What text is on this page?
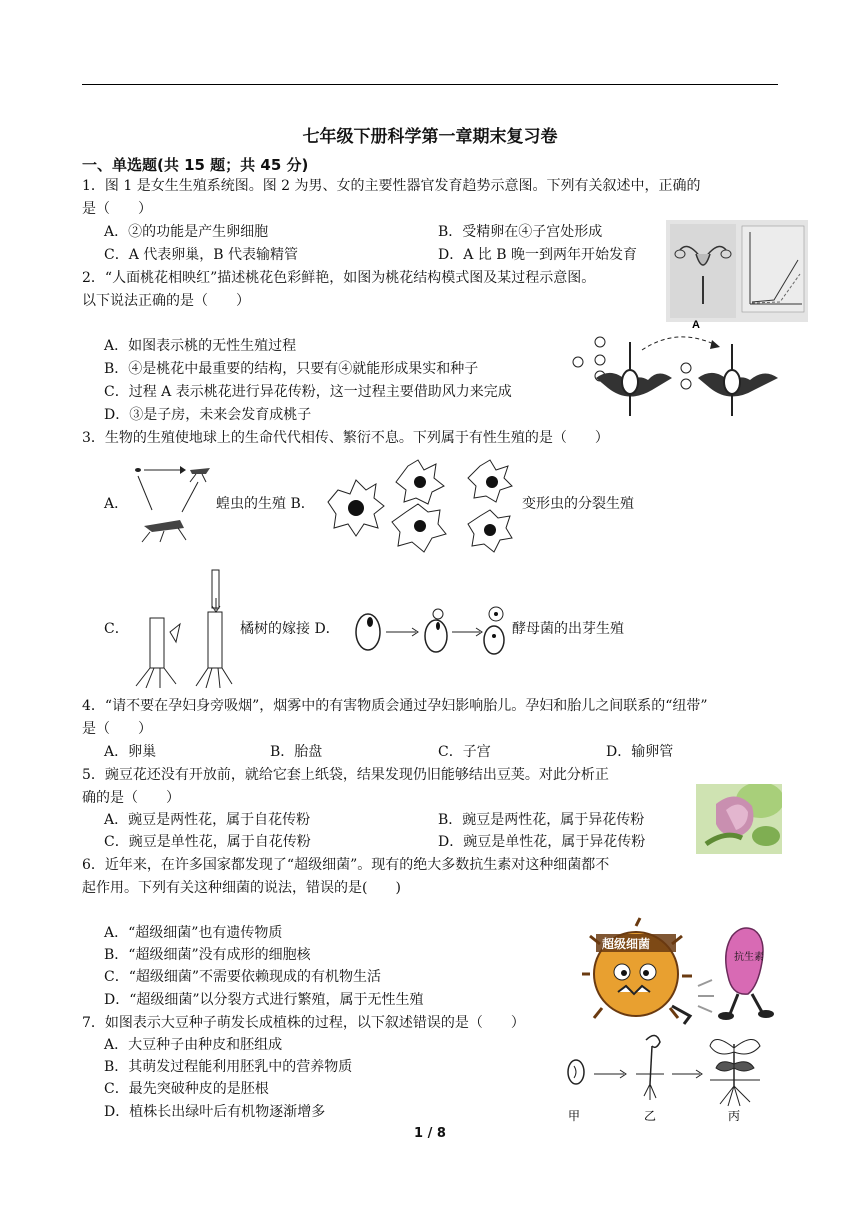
七年级下册科学第一章期末复习卷
一、单选题(共 15 题；共 45 分)
1．图 1 是女生生殖系统图。图 2 为男、女的主要性器官发育趋势示意图。下列有关叙述中，正确的
是（　　）
A．②的功能是产生卵细胞	B．受精卵在④子宫处形成
C．A 代表卵巢，B 代表输精管	D．A 比 B 晚一到两年开始发育
2．“人面桃花相映红”描述桃花色彩鲜艳，如图为桃花结构模式图及某过程示意图。
以下说法正确的是（　　）
A．如图表示桃的无性生殖过程
B．④是桃花中最重要的结构，只要有④就能形成果实和种子
C．过程 A 表示桃花进行异花传粉，这一过程主要借助风力来完成
D．③是子房，未来会发育成桃子
A
3．生物的生殖使地球上的生命代代相传、繁衍不息。下列属于有性生殖的是（　　）
A．	蝗虫的生殖 B．	变形虫的分裂生殖
C．	橘树的嫁接 D．	酵母菌的出芽生殖
4．“请不要在孕妇身旁吸烟”，烟雾中的有害物质会通过孕妇影响胎儿。孕妇和胎儿之间联系的“纽带”
是（　　）
A．卵巢	B．胎盘	C．子宫	D．输卵管
5．豌豆花还没有开放前，就给它套上纸袋，结果发现仍旧能够结出豆荚。对此分析正
确的是（　　）
A．豌豆是两性花，属于自花传粉	B．豌豆是两性花，属于异花传粉
C．豌豆是单性花，属于自花传粉	D．豌豆是单性花，属于异花传粉
6．近年来，在许多国家都发现了“超级细菌”。现有的绝大多数抗生素对这种细菌都不
起作用。下列有关这种细菌的说法，错误的是(　　)
A．“超级细菌”也有遗传物质
B．“超级细菌”没有成形的细胞核
C．“超级细菌”不需要依赖现成的有机物生活
D．“超级细菌”以分裂方式进行繁殖，属于无性生殖
超级细菌
抗生素
7．如图表示大豆种子萌发长成植株的过程，以下叙述错误的是（　　）
A．大豆种子由种皮和胚组成
B．其萌发过程能利用胚乳中的营养物质
C．最先突破种皮的是胚根
D．植株长出绿叶后有机物逐渐增多	甲	乙	丙
1 / 8
